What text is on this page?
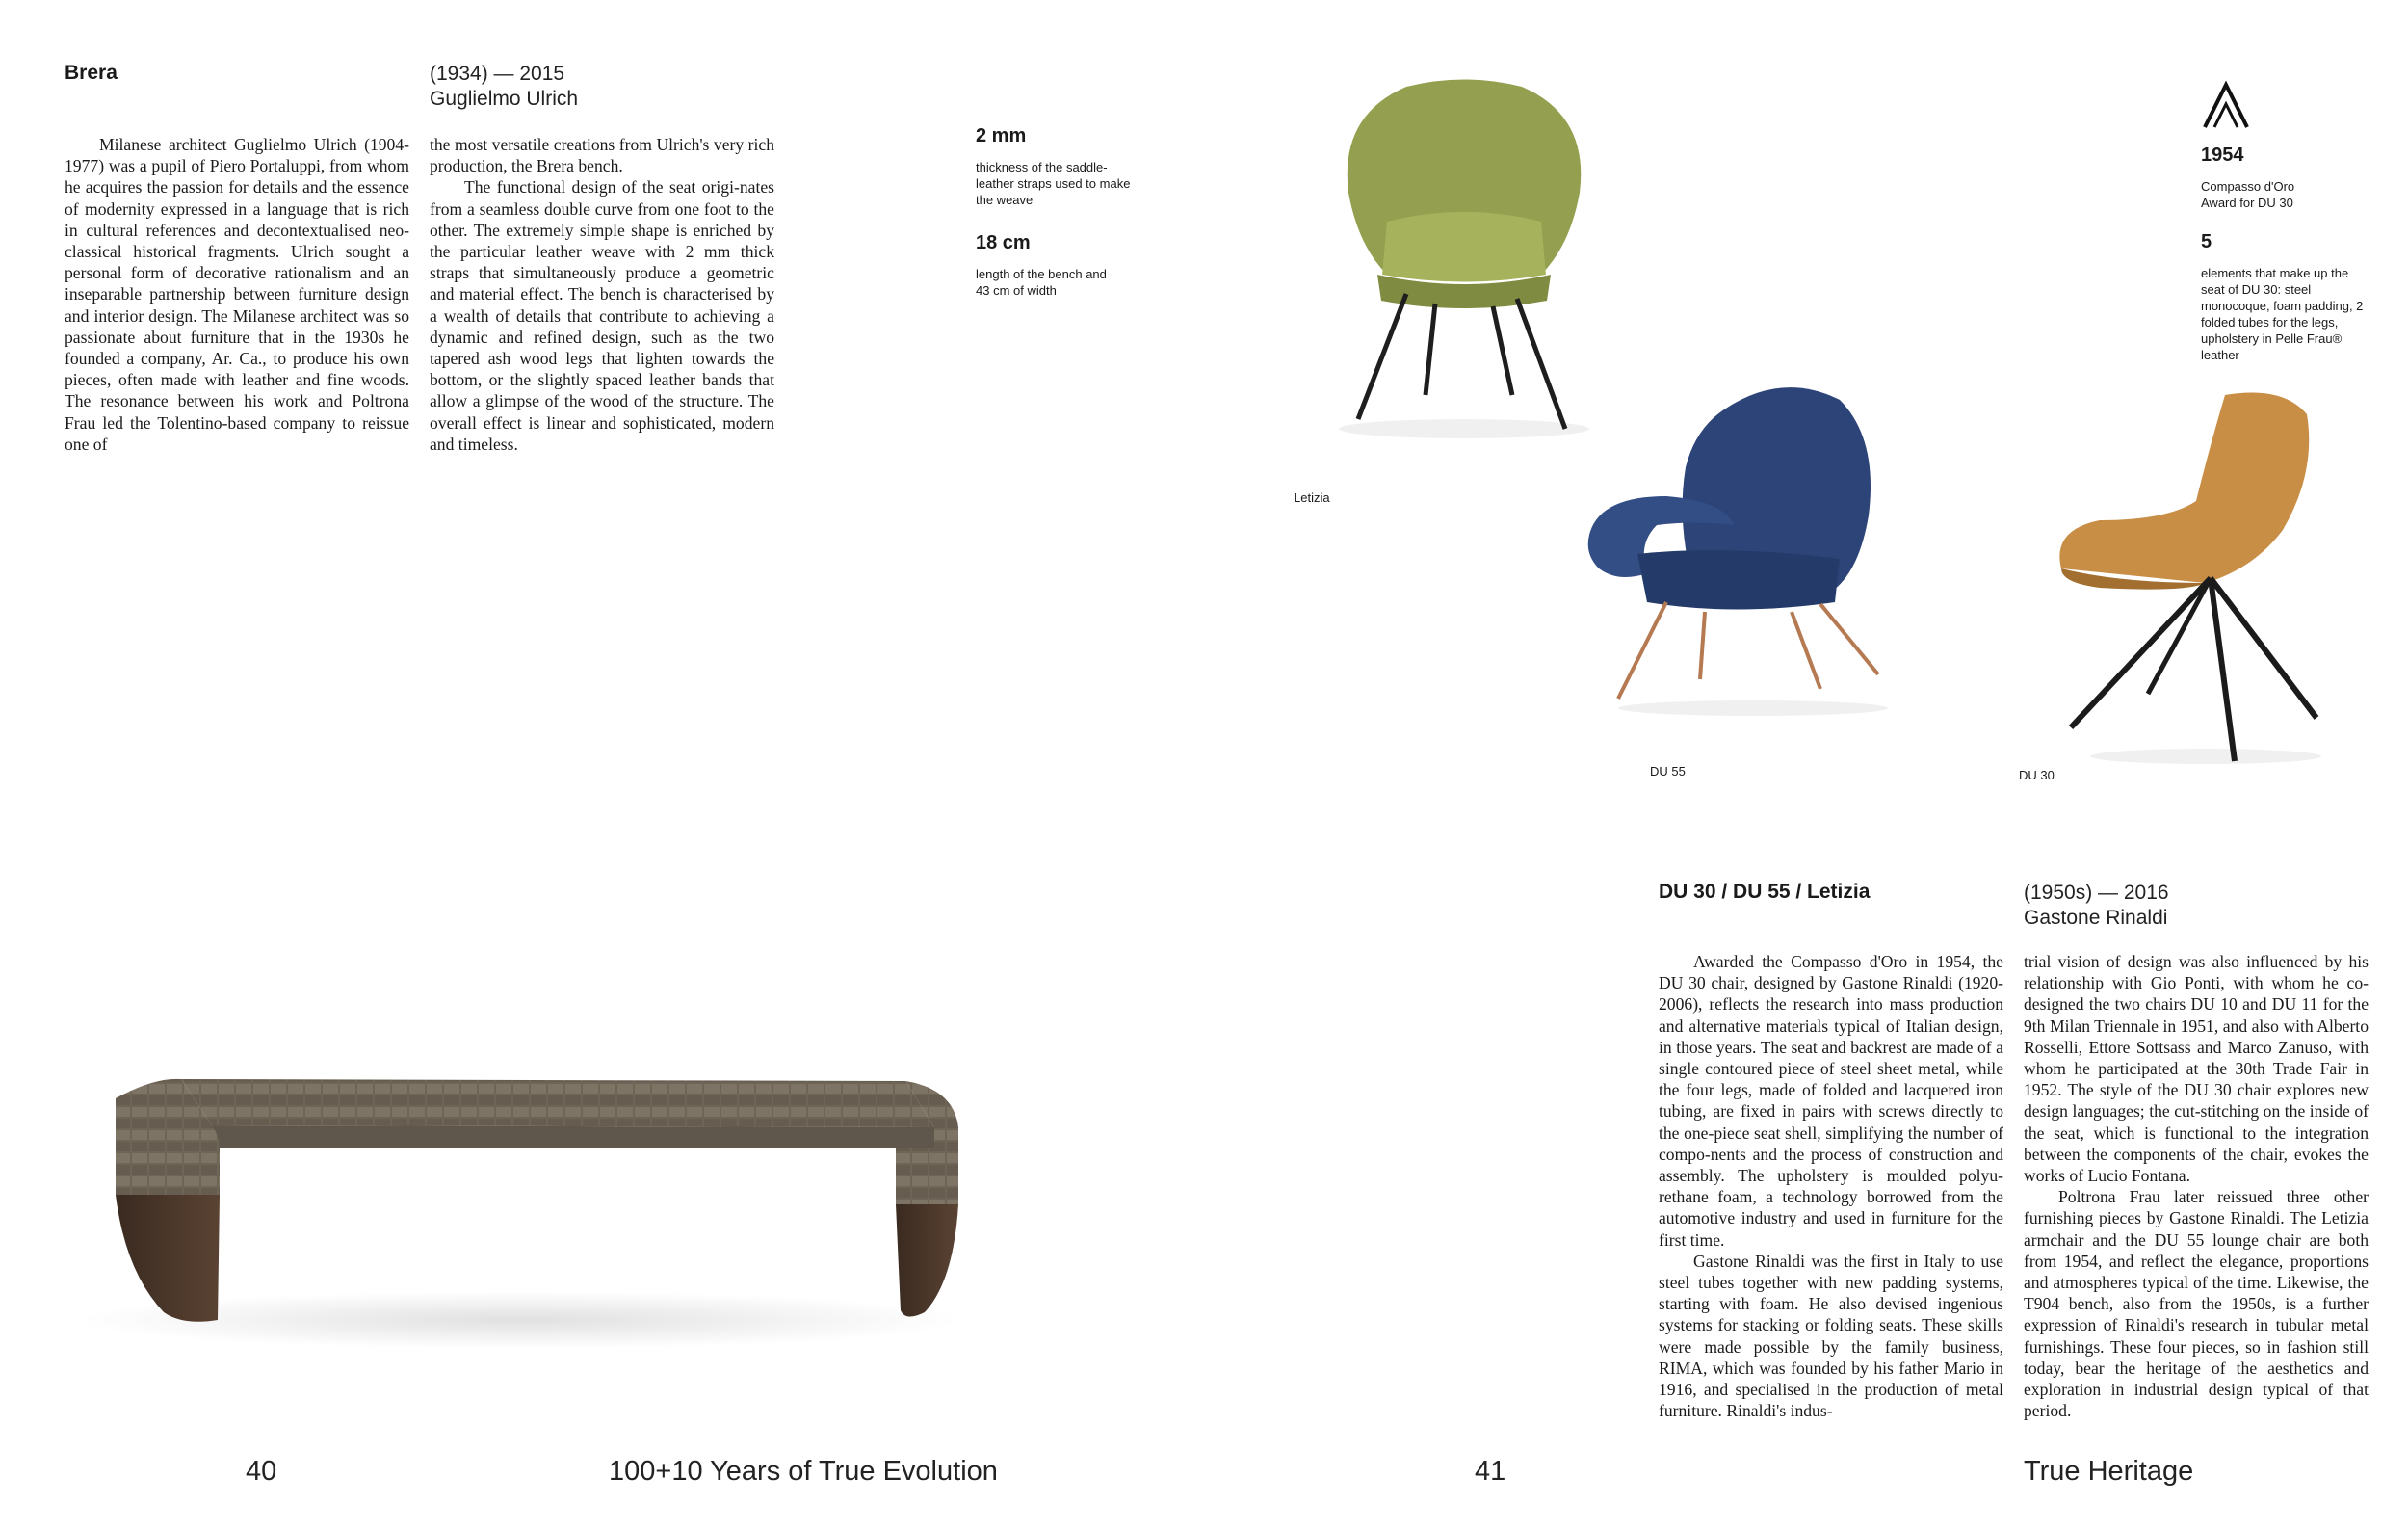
Brera	(1934) — 2015
Guglielmo Ulrich

Milanese architect Guglielmo Ulrich (1904-1977) was a pupil of Piero Portaluppi, from whom he acquires the passion for details and the essence of modernity expressed in a language that is rich in cultural references and decontextualised neo-classical historical fragments. Ulrich sought a personal form of decorative rationalism and an inseparable partnership between furniture design and interior design. The Milanese architect was so passionate about furniture that in the 1930s he founded a company, Ar. Ca., to produce his own pieces, often made with leather and fine woods. The resonance between his work and Poltrona Frau led the Tolentino-based company to reissue one of

the most versatile creations from Ulrich's very rich production, the Brera bench.

The functional design of the seat origi-nates from a seamless double curve from one foot to the other. The extremely simple shape is enriched by the particular leather weave with 2 mm thick straps that simultaneously produce a geometric and material effect. The bench is characterised by a wealth of details that contribute to achieving a dynamic and refined design, such as the two tapered ash wood legs that lighten towards the bottom, or the slightly spaced leather bands that allow a glimpse of the wood of the structure. The overall effect is linear and sophisticated, modern and timeless.

2 mm
thickness of the saddle-leather straps used to make the weave
18 cm
length of the bench and 43 cm of width
40	100+10 Years of True Evolution
Letizia
DU 55	DU 30
1954
Compasso d'Oro Award for DU 30
5
elements that make up the seat of DU 30: steel monocoque, foam padding, 2 folded tubes for the legs, upholstery in Pelle Frau® leather
DU 30 / DU 55 / Letizia	(1950s) — 2016
Gastone Rinaldi

Awarded the Compasso d'Oro in 1954, the DU 30 chair, designed by Gastone Rinaldi (1920-2006), reflects the research into mass production and alternative materials typical of Italian design, in those years. The seat and backrest are made of a single contoured piece of steel sheet metal, while the four legs, made of folded and lacquered iron tubing, are fixed in pairs with screws directly to the one-piece seat shell, simplifying the number of compo-nents and the process of construction and assembly. The upholstery is moulded polyu-rethane foam, a technology borrowed from the automotive industry and used in furniture for the first time.

Gastone Rinaldi was the first in Italy to use steel tubes together with new padding systems, starting with foam. He also devised ingenious systems for stacking or folding seats. These skills were made possible by the family business, RIMA, which was founded by his father Mario in 1916, and specialised in the production of metal furniture. Rinaldi's indus-

trial vision of design was also influenced by his relationship with Gio Ponti, with whom he co-designed the two chairs DU 10 and DU 11 for the 9th Milan Triennale in 1951, and also with Alberto Rosselli, Ettore Sottsass and Marco Zanuso, with whom he participated at the 30th Trade Fair in 1952. The style of the DU 30 chair explores new design languages; the cut-stitching on the inside of the seat, which is functional to the integration between the components of the chair, evokes the works of Lucio Fontana.

Poltrona Frau later reissued three other furnishing pieces by Gastone Rinaldi. The Letizia armchair and the DU 55 lounge chair are both from 1954, and reflect the elegance, proportions and atmospheres typical of the time. Likewise, the T904 bench, also from the 1950s, is a further expression of Rinaldi's research in tubular metal furnishings. These four pieces, so in fashion still today, bear the heritage of the aesthetics and exploration in industrial design typical of that period.

41	True Heritage
